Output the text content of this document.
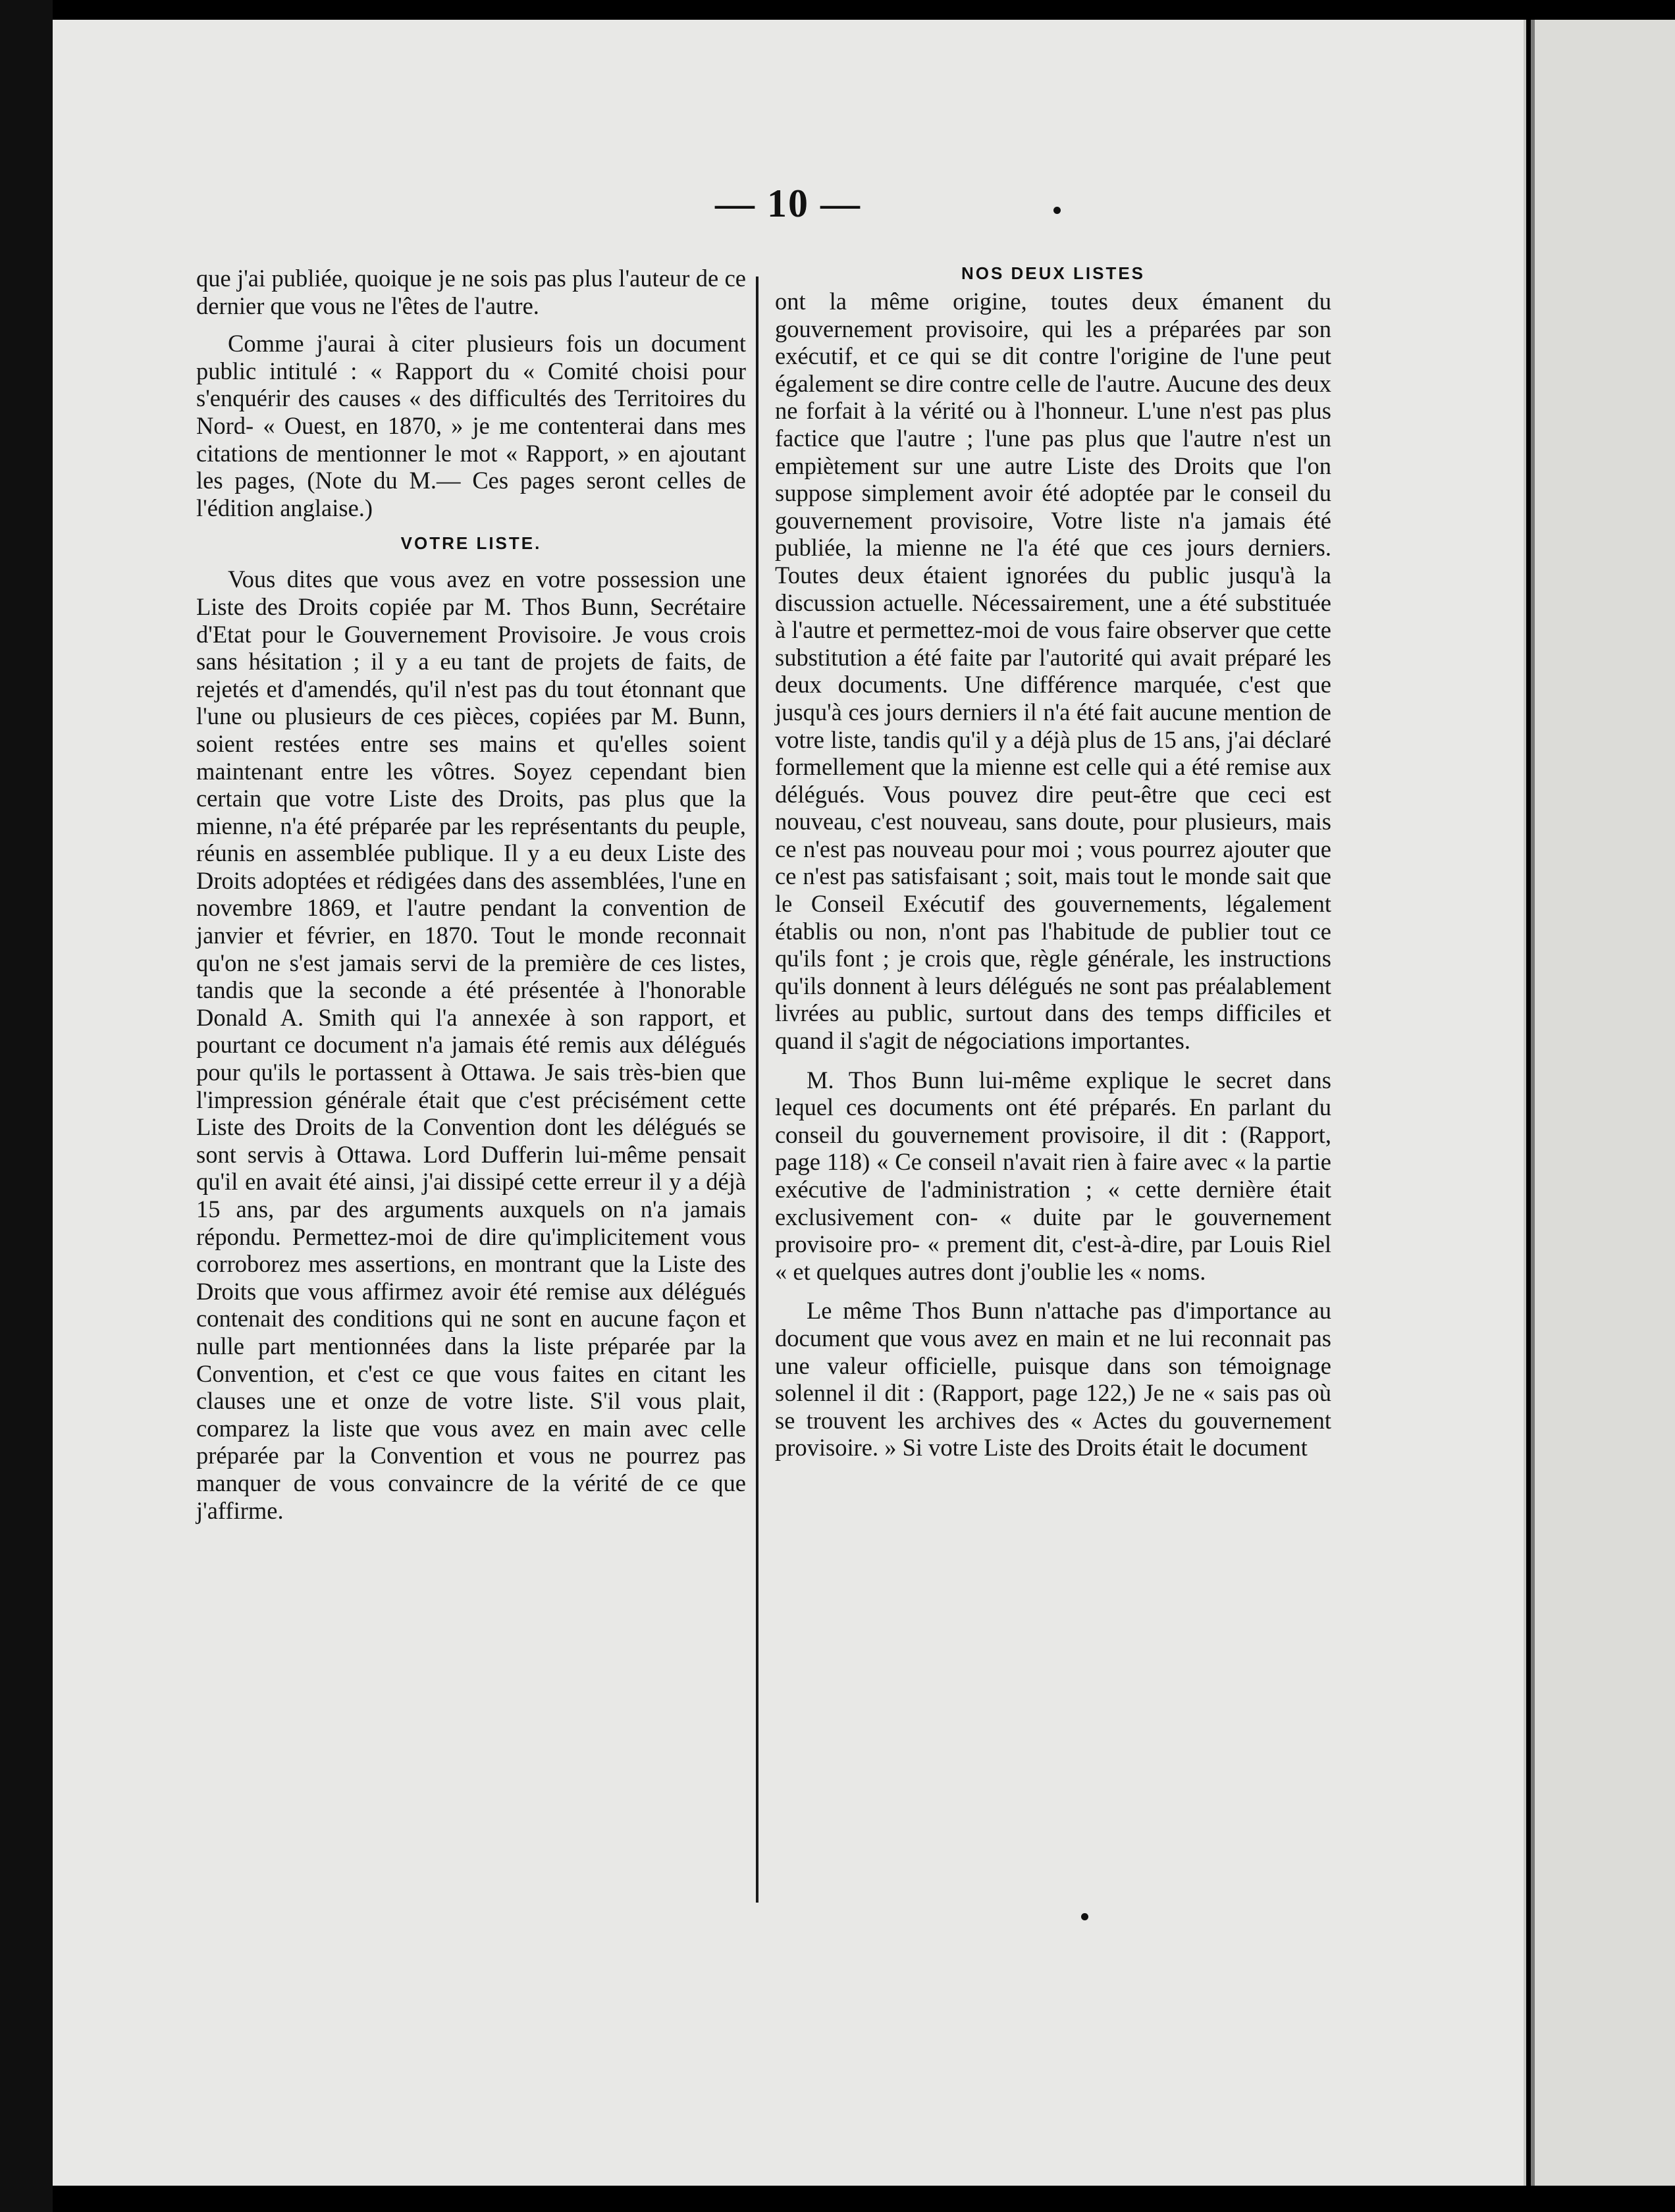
— 10 —

que j'ai publiée, quoique je ne sois pas plus l'auteur de ce dernier que vous ne l'êtes de l'autre.

Comme j'aurai à citer plusieurs fois un document public intitulé : « Rapport du « Comité choisi pour s'enquérir des causes « des difficultés des Territoires du Nord- « Ouest, en 1870, » je me contenterai dans mes citations de mentionner le mot « Rapport, » en ajoutant les pages, (Note du M.— Ces pages seront celles de l'édition anglaise.)

VOTRE LISTE.

Vous dites que vous avez en votre possession une Liste des Droits copiée par M. Thos Bunn, Secrétaire d'Etat pour le Gouvernement Provisoire. Je vous crois sans hésitation ; il y a eu tant de projets de faits, de rejetés et d'amendés, qu'il n'est pas du tout étonnant que l'une ou plusieurs de ces pièces, copiées par M. Bunn, soient restées entre ses mains et qu'elles soient maintenant entre les vôtres. Soyez cependant bien certain que votre Liste des Droits, pas plus que la mienne, n'a été préparée par les représentants du peuple, réunis en assemblée publique. Il y a eu deux Liste des Droits adoptées et rédigées dans des assemblées, l'une en novembre 1869, et l'autre pendant la convention de janvier et février, en 1870. Tout le monde reconnait qu'on ne s'est jamais servi de la première de ces listes, tandis que la seconde a été présentée à l'honorable Donald A. Smith qui l'a annexée à son rapport, et pourtant ce document n'a jamais été remis aux délégués pour qu'ils le portassent à Ottawa. Je sais très-bien que l'impression générale était que c'est précisément cette Liste des Droits de la Convention dont les délégués se sont servis à Ottawa. Lord Dufferin lui-même pensait qu'il en avait été ainsi, j'ai dissipé cette erreur il y a déjà 15 ans, par des arguments auxquels on n'a jamais répondu. Permettez-moi de dire qu'implicitement vous corroborez mes assertions, en montrant que la Liste des Droits que vous affirmez avoir été remise aux délégués contenait des conditions qui ne sont en aucune façon et nulle part mentionnées dans la liste préparée par la Convention, et c'est ce que vous faites en citant les clauses une et onze de votre liste. S'il vous plait, comparez la liste que vous avez en main avec celle préparée par la Convention et vous ne pourrez pas manquer de vous convaincre de la vérité de ce que j'affirme.

NOS DEUX LISTES

ont la même origine, toutes deux émanent du gouvernement provisoire, qui les a préparées par son exécutif, et ce qui se dit contre l'origine de l'une peut également se dire contre celle de l'autre. Aucune des deux ne forfait à la vérité ou à l'honneur. L'une n'est pas plus factice que l'autre ; l'une pas plus que l'autre n'est un empiètement sur une autre Liste des Droits que l'on suppose simplement avoir été adoptée par le conseil du gouvernement provisoire, Votre liste n'a jamais été publiée, la mienne ne l'a été que ces jours derniers. Toutes deux étaient ignorées du public jusqu'à la discussion actuelle. Nécessairement, une a été substituée à l'autre et permettez-moi de vous faire observer que cette substitution a été faite par l'autorité qui avait préparé les deux documents. Une différence marquée, c'est que jusqu'à ces jours derniers il n'a été fait aucune mention de votre liste, tandis qu'il y a déjà plus de 15 ans, j'ai déclaré formellement que la mienne est celle qui a été remise aux délégués. Vous pouvez dire peut-être que ceci est nouveau, c'est nouveau, sans doute, pour plusieurs, mais ce n'est pas nouveau pour moi ; vous pourrez ajouter que ce n'est pas satisfaisant ; soit, mais tout le monde sait que le Conseil Exécutif des gouvernements, légalement établis ou non, n'ont pas l'habitude de publier tout ce qu'ils font ; je crois que, règle générale, les instructions qu'ils donnent à leurs délégués ne sont pas préalablement livrées au public, surtout dans des temps difficiles et quand il s'agit de négociations importantes.

M. Thos Bunn lui-même explique le secret dans lequel ces documents ont été préparés. En parlant du conseil du gouvernement provisoire, il dit : (Rapport, page 118) « Ce conseil n'avait rien à faire avec « la partie exécutive de l'administration ; « cette dernière était exclusivement con- « duite par le gouvernement provisoire pro- « prement dit, c'est-à-dire, par Louis Riel « et quelques autres dont j'oublie les « noms.

Le même Thos Bunn n'attache pas d'importance au document que vous avez en main et ne lui reconnait pas une valeur officielle, puisque dans son témoignage solennel il dit : (Rapport, page 122,) Je ne « sais pas où se trouvent les archives des « Actes du gouvernement provisoire. » Si votre Liste des Droits était le document
